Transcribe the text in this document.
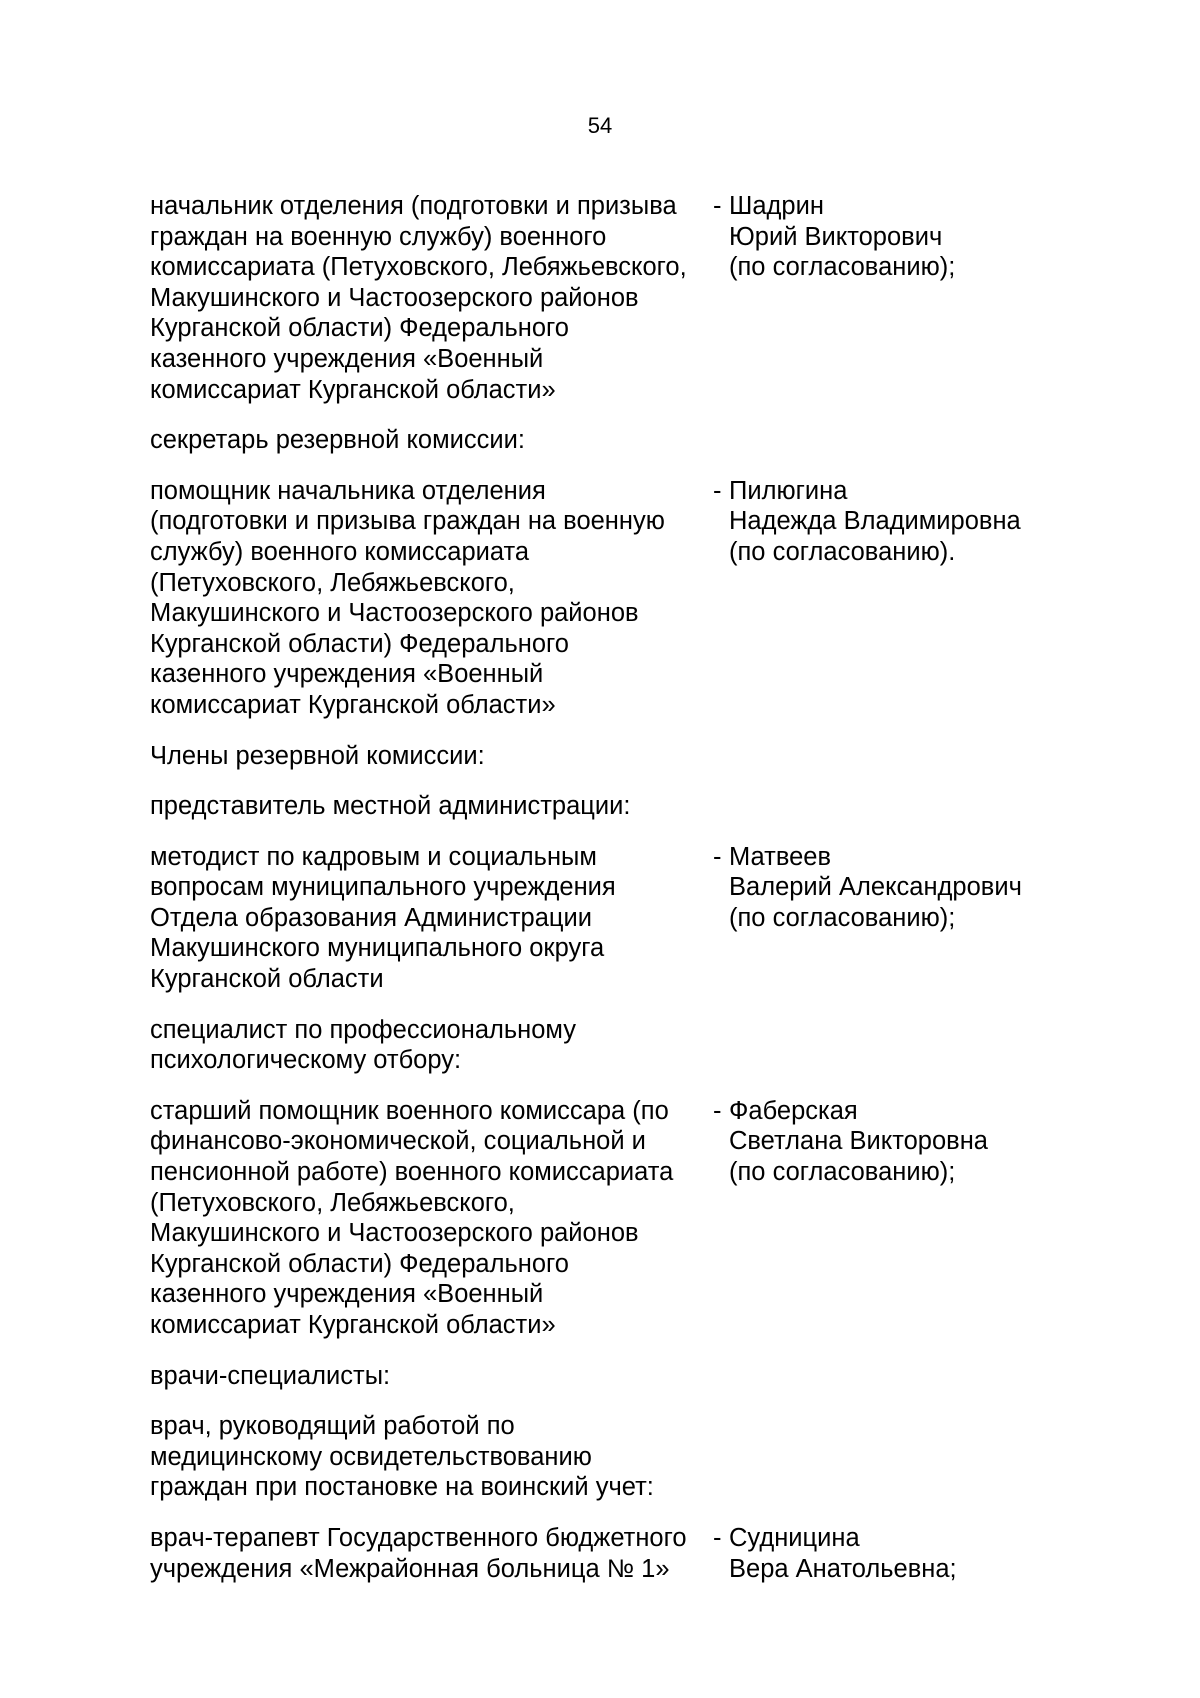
54
начальник отделения (подготовки и призыва
граждан на военную службу) военного
комиссариата (Петуховского, Лебяжьевского,
Макушинского и Частоозерского районов
Курганской области) Федерального
казенного учреждения «Военный
комиссариат Курганской области»
- Шадрин
Юрий Викторович
(по согласованию);
секретарь резервной комиссии:
помощник начальника отделения
(подготовки и призыва граждан на военную
службу) военного комиссариата
(Петуховского, Лебяжьевского,
Макушинского и Частоозерского районов
Курганской области) Федерального
казенного учреждения «Военный
комиссариат Курганской области»
- Пилюгина
Надежда Владимировна
(по согласованию).
Члены резервной комиссии:
представитель местной администрации:
методист по кадровым и социальным
вопросам муниципального учреждения
Отдела образования Администрации
Макушинского муниципального округа
Курганской области
- Матвеев
Валерий Александрович
(по согласованию);
специалист по профессиональному
психологическому отбору:
старший помощник военного комиссара (по
финансово-экономической, социальной и
пенсионной работе) военного комиссариата
(Петуховского, Лебяжьевского,
Макушинского и Частоозерского районов
Курганской области) Федерального
казенного учреждения «Военный
комиссариат Курганской области»
- Фаберская
Светлана Викторовна
(по согласованию);
врачи-специалисты:
врач, руководящий работой по
медицинскому освидетельствованию
граждан при постановке на воинский учет:
врач-терапевт Государственного бюджетного
учреждения «Межрайонная больница № 1»
- Судницина
Вера Анатольевна;
